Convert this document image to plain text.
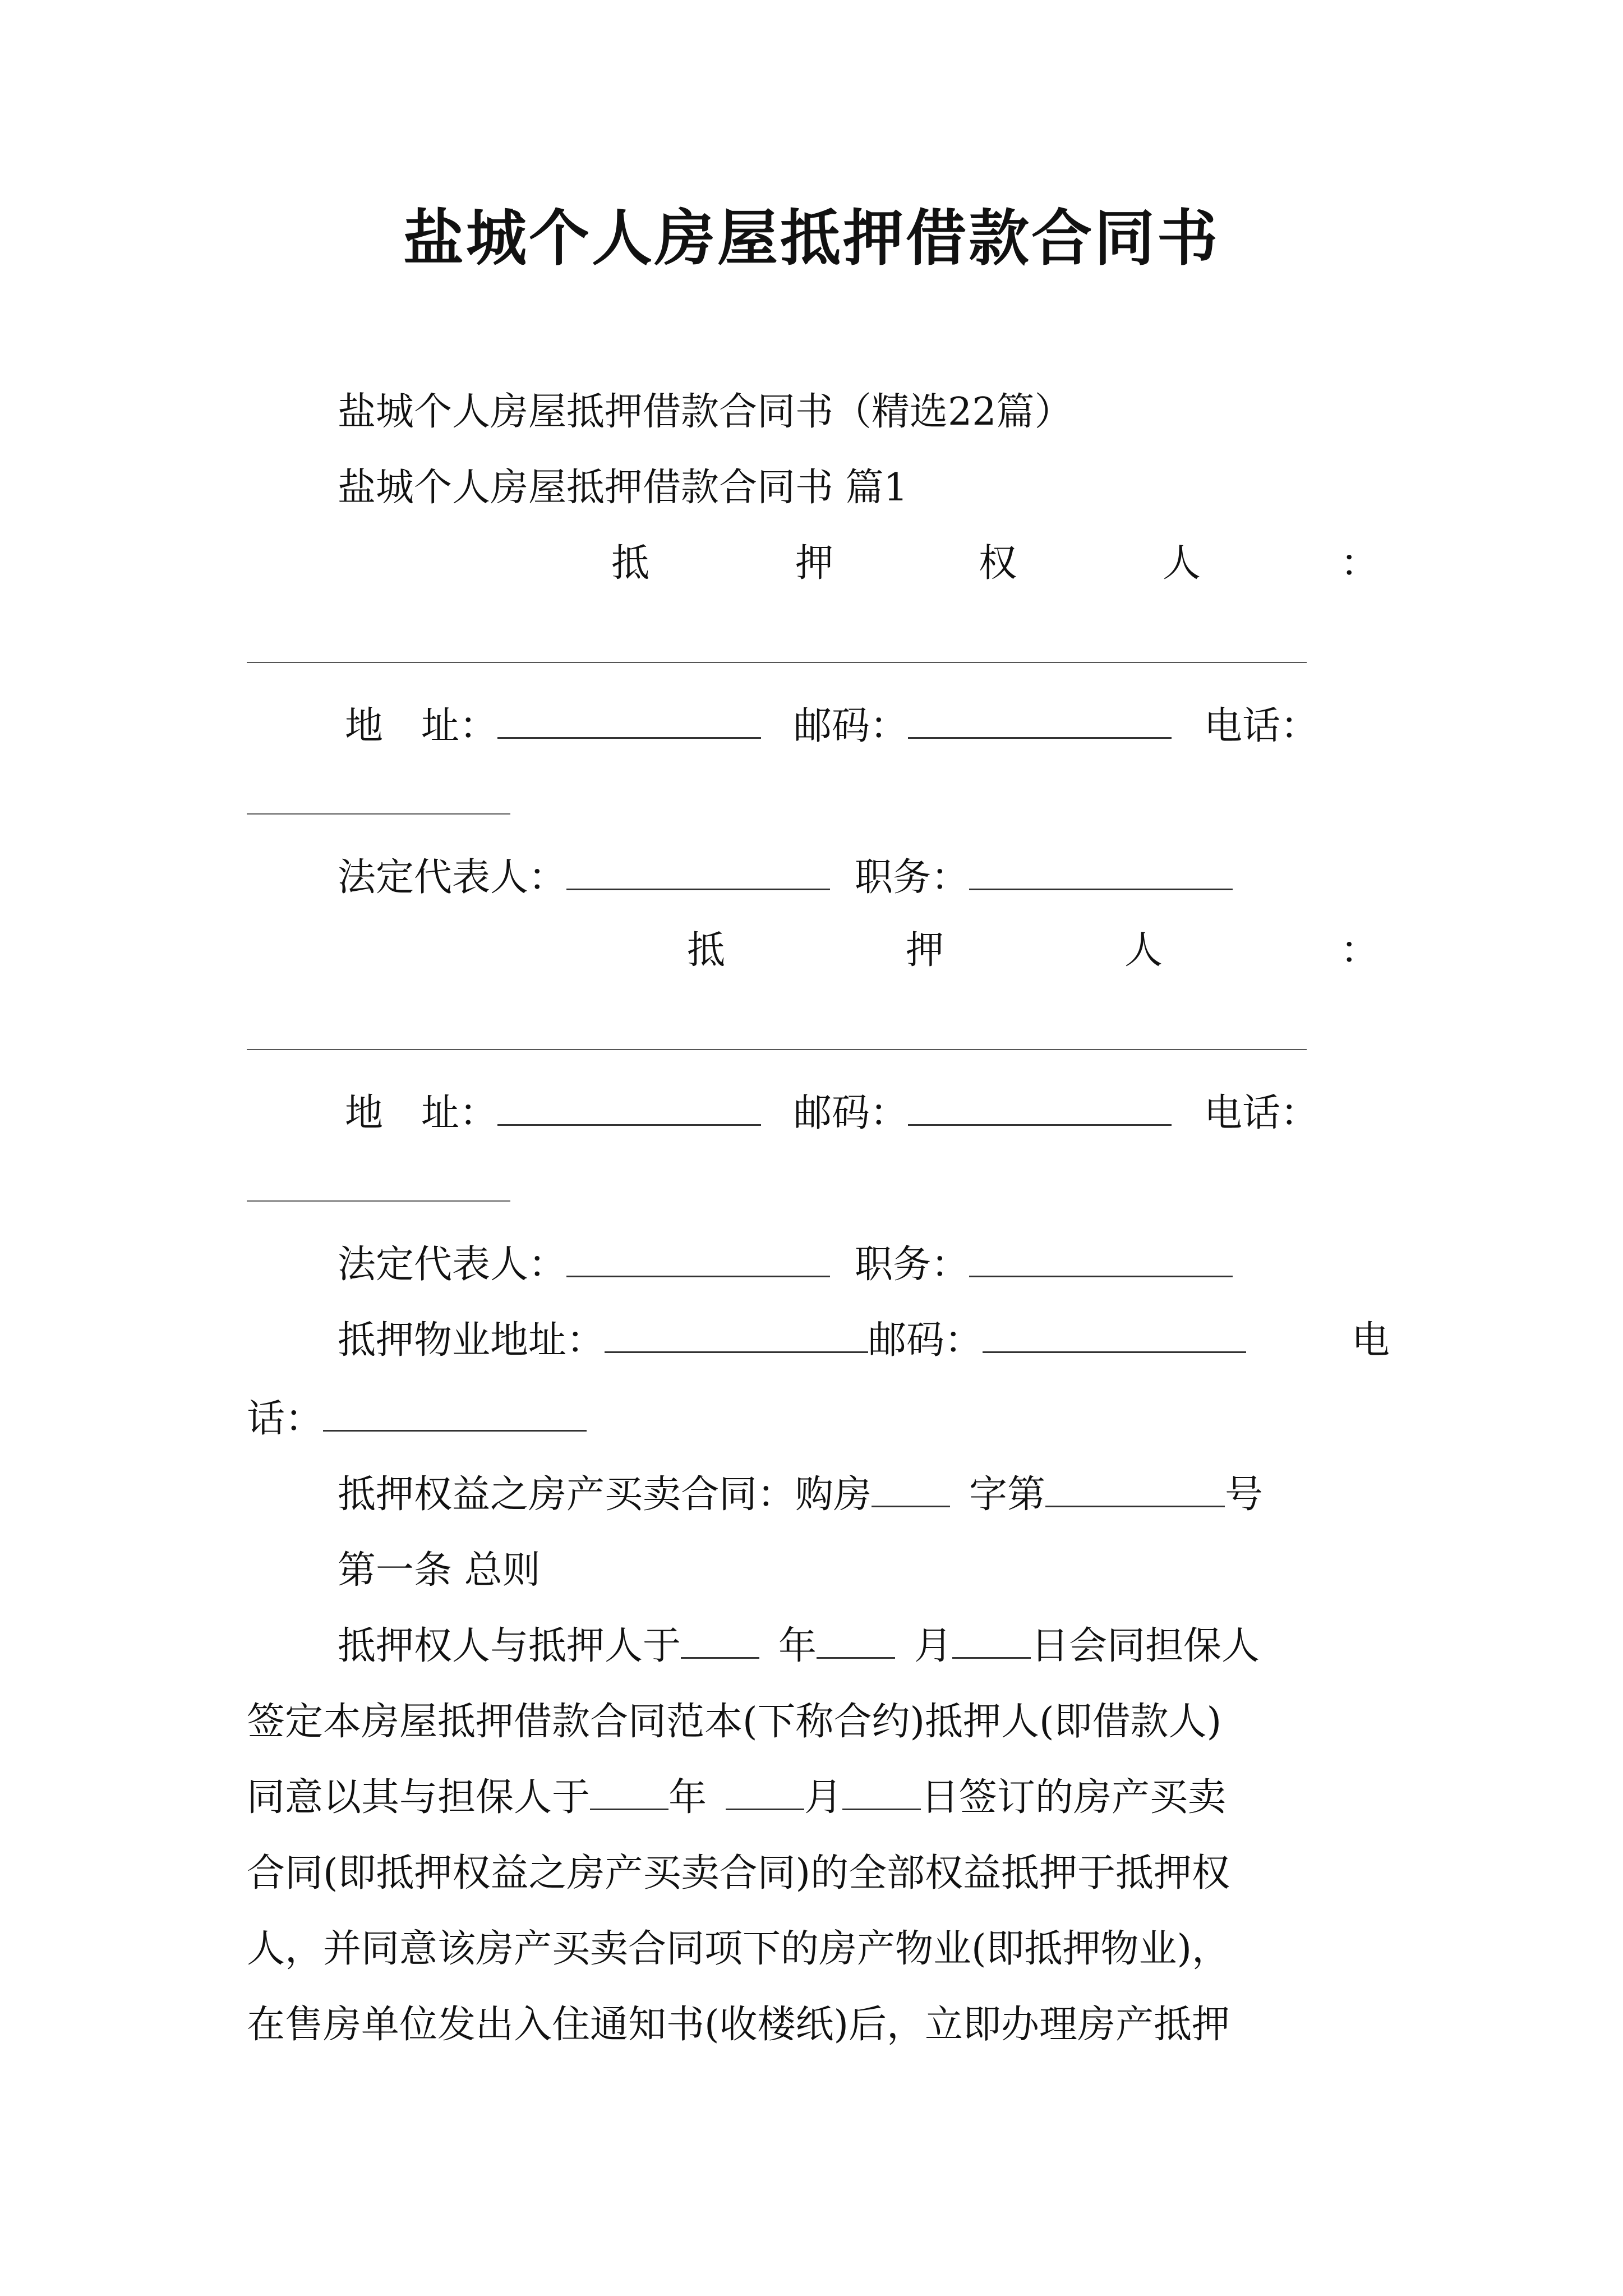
盐城个人房屋抵押借款合同书
盐城个人房屋抵押借款合同书（精选22篇）
盐城个人房屋抵押借款合同书 篇1
抵	押	权	人	：
地　址：	邮码：	电话：
法定代表人：	职务：
抵	押	人	：
地　址：	邮码：	电话：
法定代表人：	职务：
抵押物业地址：	邮码：	电
话：
抵押权益之房产买卖合同：购房	字第	号
第一条 总则
抵押权人与抵押人于	年	月 日会同担保人
签定本房屋抵押借款合同范本(下称合约)抵押人(即借款人)
同意以其与担保人于 年	月 日签订的房产买卖
合同(即抵押权益之房产买卖合同)的全部权益抵押于抵押权
人，并同意该房产买卖合同项下的房产物业(即抵押物业)，
在售房单位发出入住通知书(收楼纸)后，立即办理房产抵押
